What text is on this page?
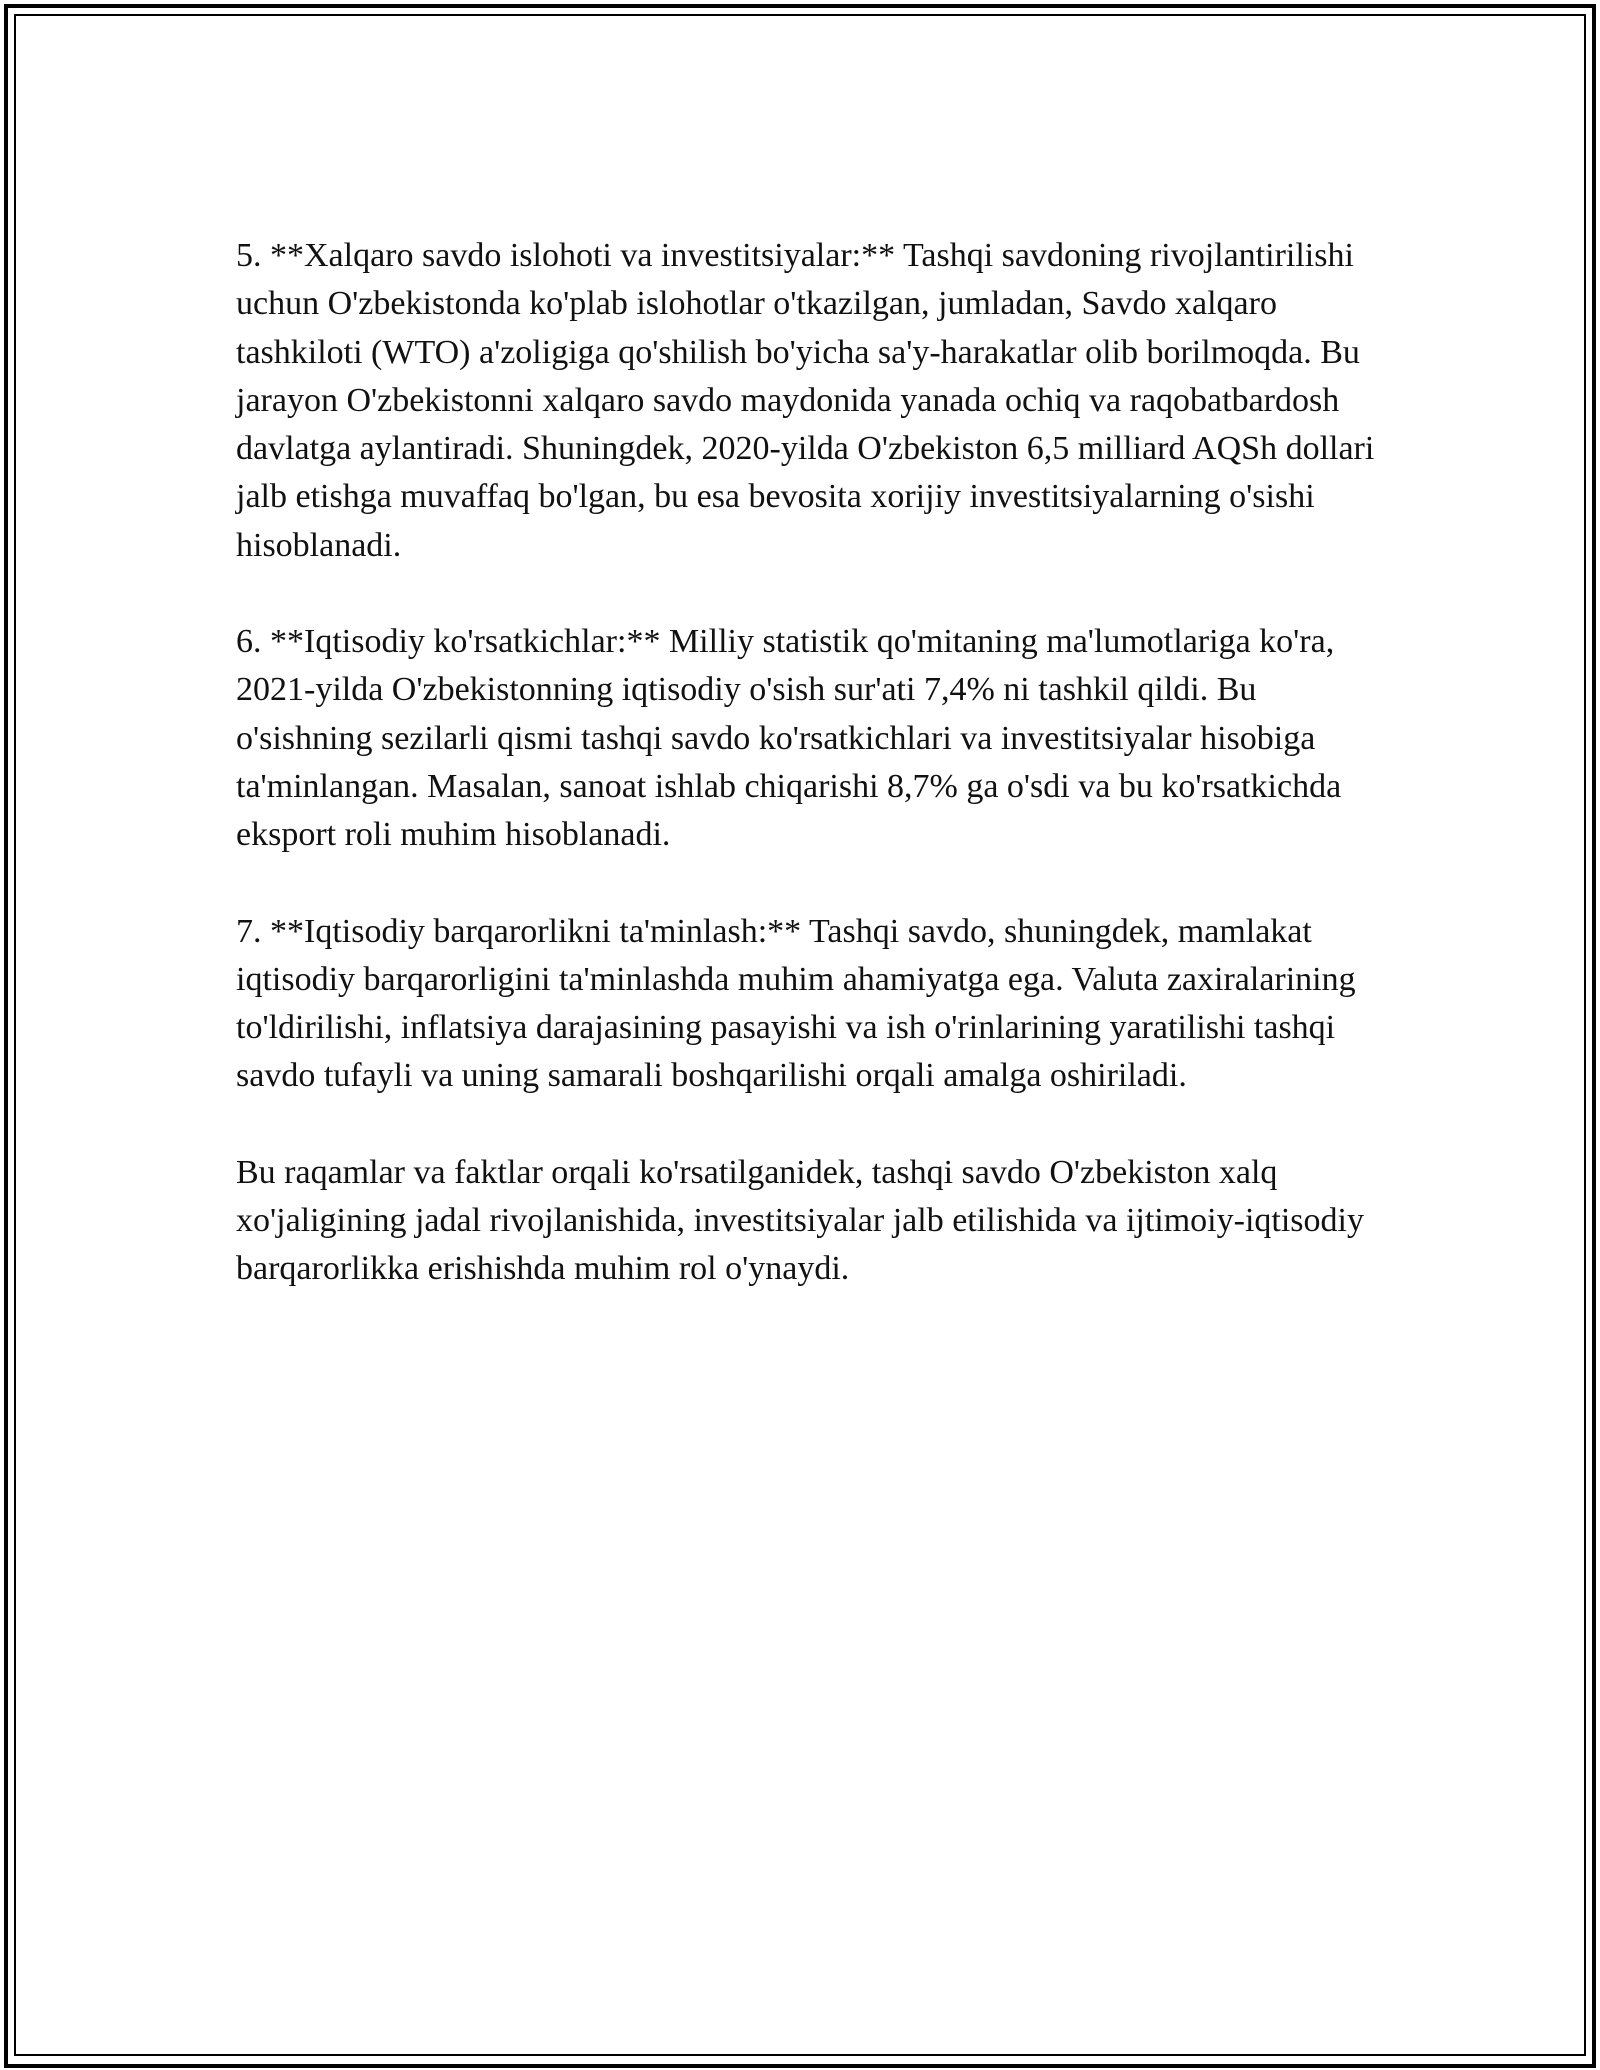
5. **Xalqaro savdo islohoti va investitsiyalar:** Tashqi savdoning rivojlantirilishi uchun O'zbekistonda ko'plab islohotlar o'tkazilgan, jumladan, Savdo xalqaro tashkiloti (WTO) a'zoligiga qo'shilish bo'yicha sa'y-harakatlar olib borilmoqda. Bu jarayon O'zbekistonni xalqaro savdo maydonida yanada ochiq va raqobatbardosh davlatga aylantiradi. Shuningdek, 2020-yilda O'zbekiston 6,5 milliard AQSh dollari jalb etishga muvaffaq bo'lgan, bu esa bevosita xorijiy investitsiyalarning o'sishi hisoblanadi.

6. **Iqtisodiy ko'rsatkichlar:** Milliy statistik qo'mitaning ma'lumotlariga ko'ra, 2021-yilda O'zbekistonning iqtisodiy o'sish sur'ati 7,4% ni tashkil qildi. Bu o'sishning sezilarli qismi tashqi savdo ko'rsatkichlari va investitsiyalar hisobiga ta'minlangan. Masalan, sanoat ishlab chiqarishi 8,7% ga o'sdi va bu ko'rsatkichda eksport roli muhim hisoblanadi.

7. **Iqtisodiy barqarorlikni ta'minlash:** Tashqi savdo, shuningdek, mamlakat iqtisodiy barqarorligini ta'minlashda muhim ahamiyatga ega. Valuta zaxiralarining to'ldirilishi, inflatsiya darajasining pasayishi va ish o'rinlarining yaratilishi tashqi savdo tufayli va uning samarali boshqarilishi orqali amalga oshiriladi.

Bu raqamlar va faktlar orqali ko'rsatilganidek, tashqi savdo O'zbekiston xalq xo'jaligining jadal rivojlanishida, investitsiyalar jalb etilishida va ijtimoiy-iqtisodiy barqarorlikka erishishda muhim rol o'ynaydi.
